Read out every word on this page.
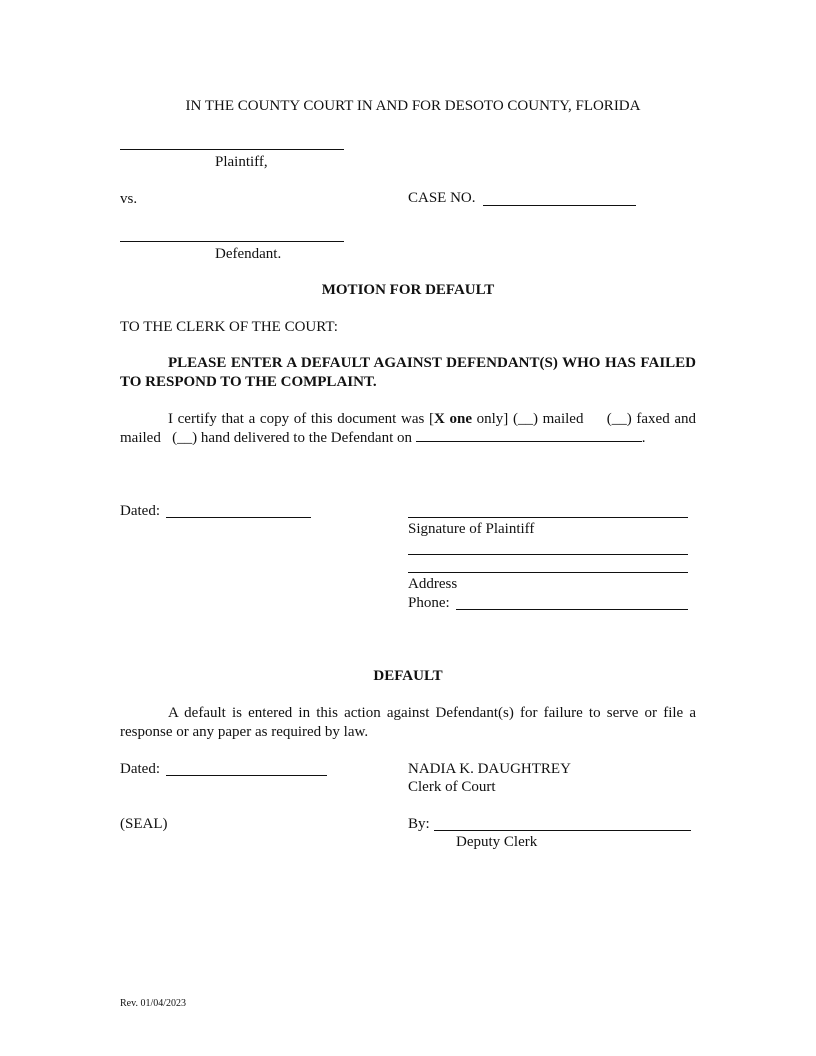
IN THE COUNTY COURT IN AND FOR DESOTO COUNTY, FLORIDA
Plaintiff,
vs.	CASE NO.
Defendant.
MOTION FOR DEFAULT
TO THE CLERK OF THE COURT:
PLEASE ENTER A DEFAULT AGAINST DEFENDANT(S) WHO HAS FAILED TO RESPOND TO THE COMPLAINT.
I certify that a copy of this document was [X one only] (__) mailed (__) faxed and mailed (__) hand delivered to the Defendant on	.
Dated:
Signature of Plaintiff
Address
Phone:
DEFAULT
A default is entered in this action against Defendant(s) for failure to serve or file a response or any paper as required by law.
Dated:	NADIA K. DAUGHTREY
Clerk of Court
(SEAL)	By:
Deputy Clerk
Rev. 01/04/2023
